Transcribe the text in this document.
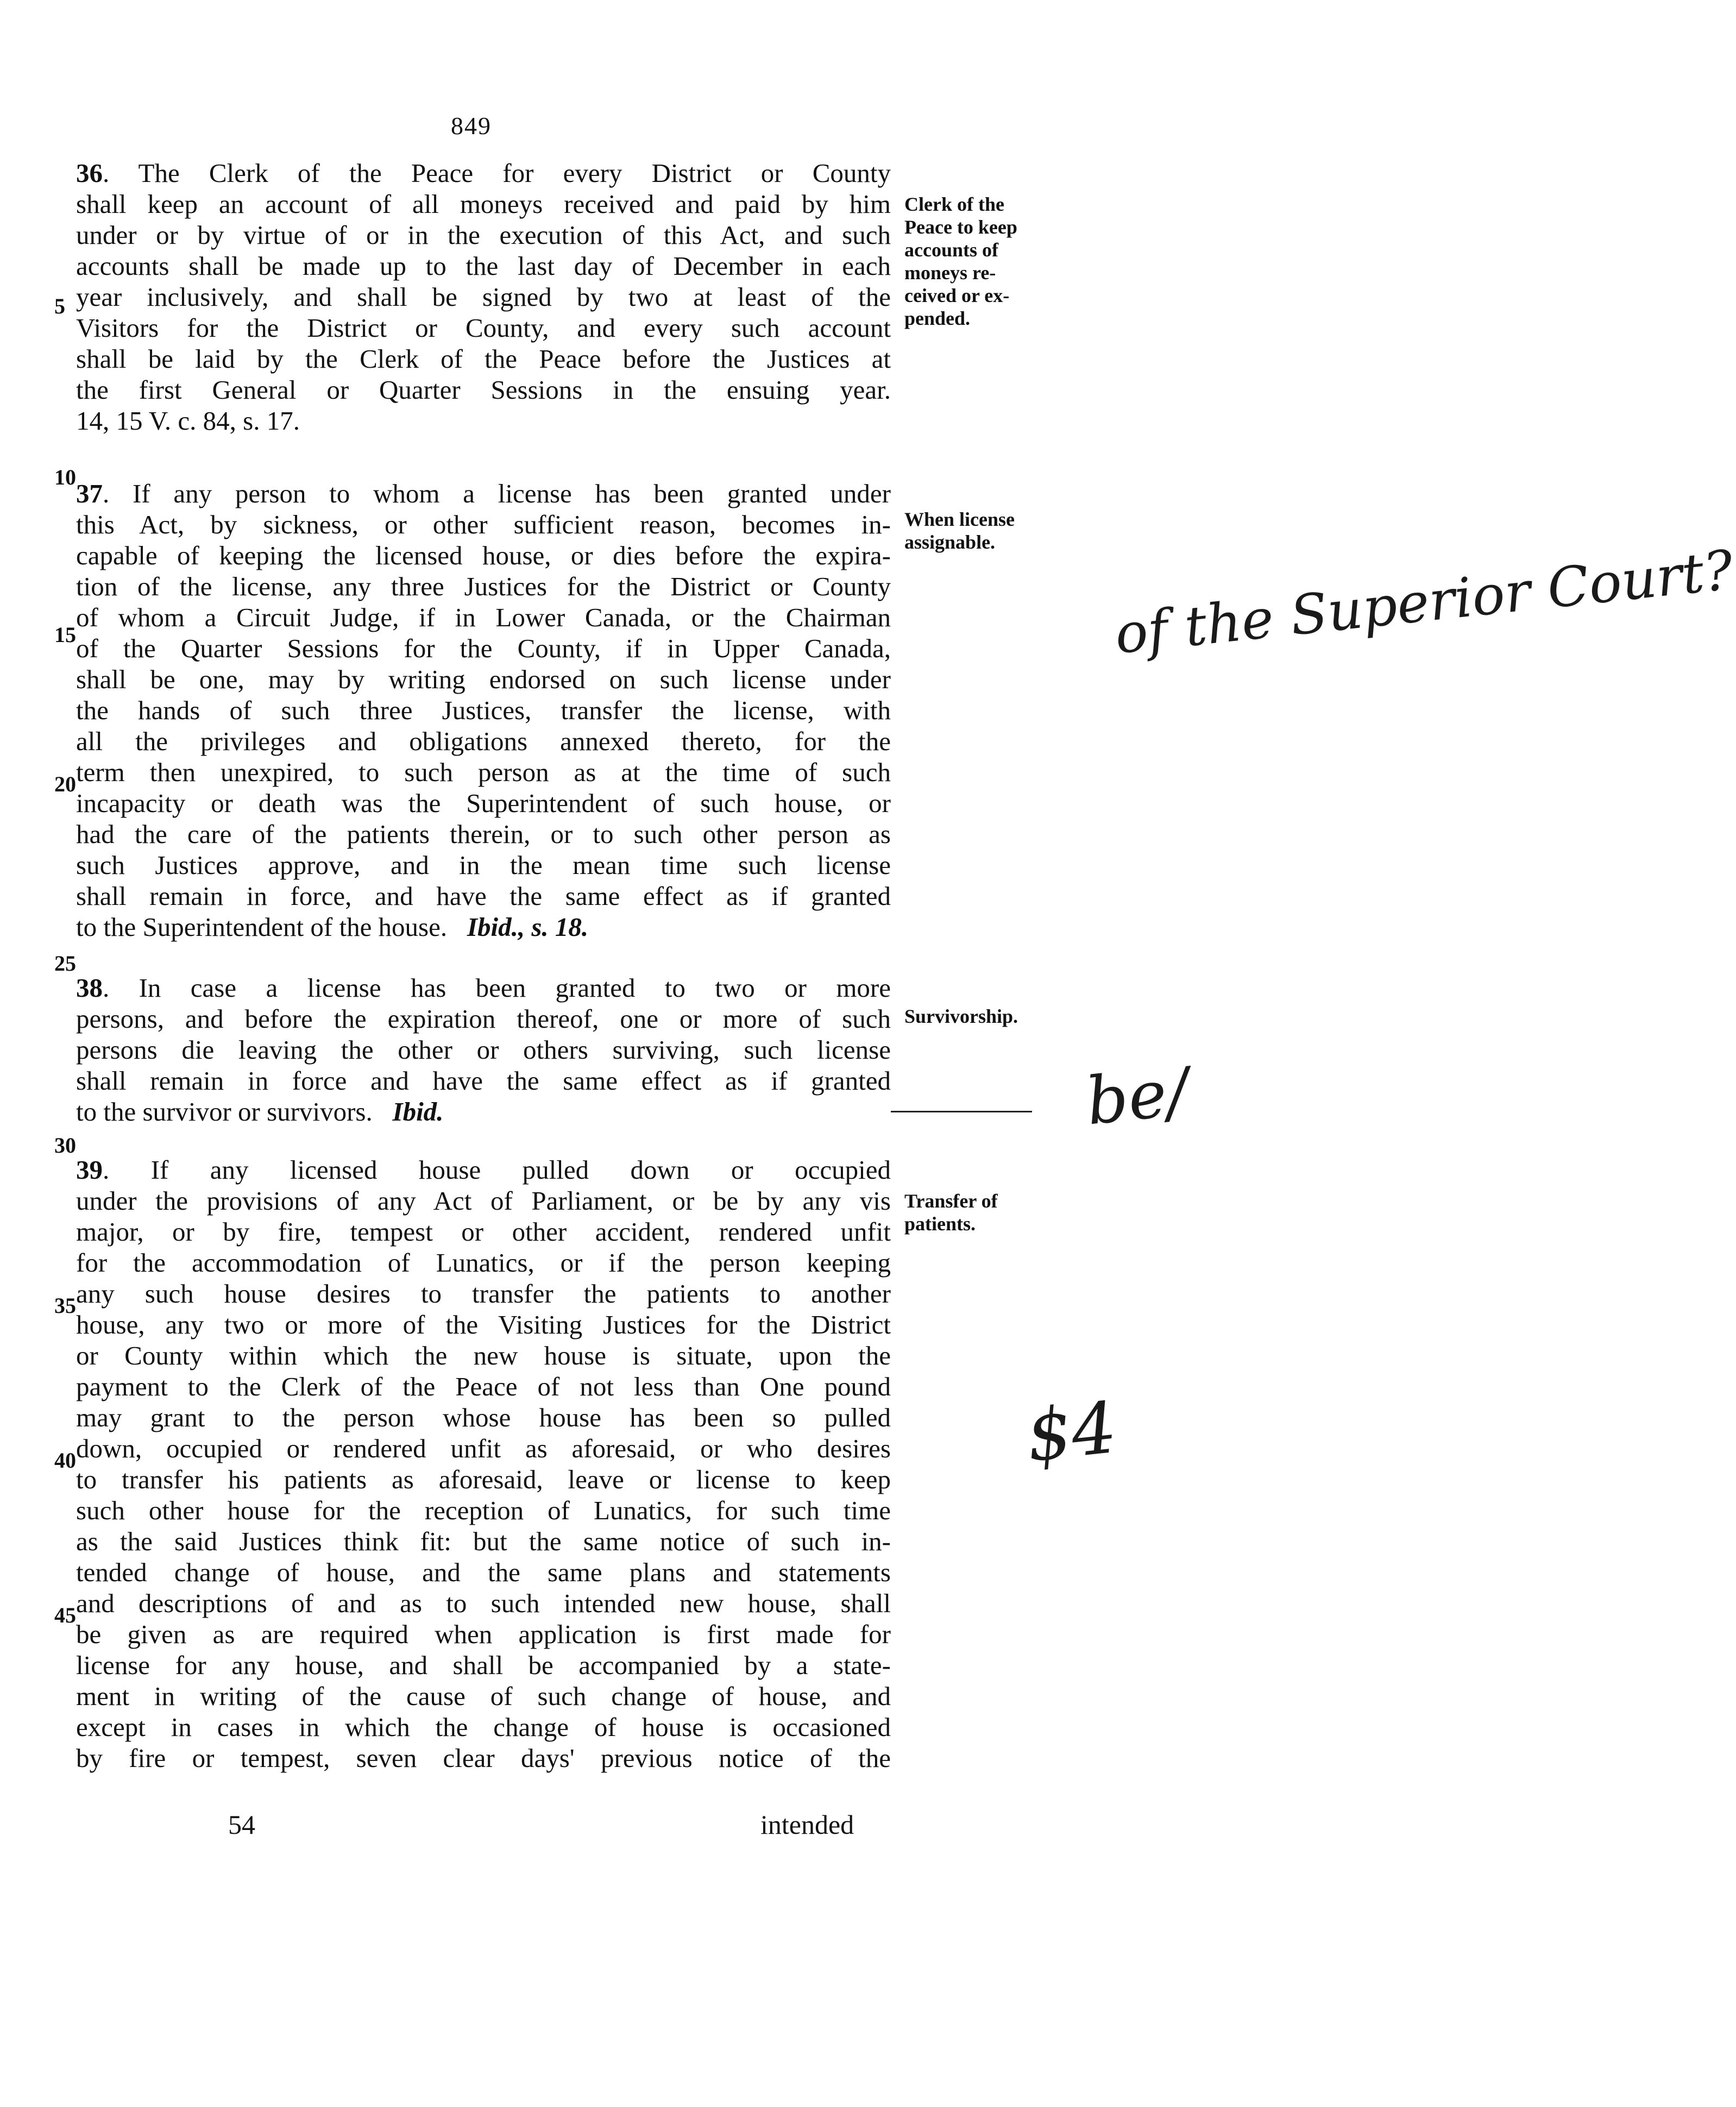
849
5
10
15
20
25
30
35
40
45
36. The Clerk of the Peace for every District or County
shall keep an account of all moneys received and paid by him
under or by virtue of or in the execution of this Act, and such
accounts shall be made up to the last day of December in each
year inclusively, and shall be signed by two at least of the
Visitors for the District or County, and every such account
shall be laid by the Clerk of the Peace before the Justices at
the first General or Quarter Sessions in the ensuing year.
14, 15 V. c. 84, s. 17.
Clerk of the
Peace to keep
accounts of
moneys re-
ceived or ex-
pended.
37. If any person to whom a license has been granted under
this Act, by sickness, or other sufficient reason, becomes in-
capable of keeping the licensed house, or dies before the expira-
tion of the license, any three Justices for the District or County
of whom a Circuit Judge, if in Lower Canada, or the Chairman
of the Quarter Sessions for the County, if in Upper Canada,
shall be one, may by writing endorsed on such license under
the hands of such three Justices, transfer the license, with
all the privileges and obligations annexed thereto, for the
term then unexpired, to such person as at the time of such
incapacity or death was the Superintendent of such house, or
had the care of the patients therein, or to such other person as
such Justices approve, and in the mean time such license
shall remain in force, and have the same effect as if granted
to the Superintendent of the house. Ibid., s. 18.
When license
assignable.
38. In case a license has been granted to two or more
persons, and before the expiration thereof, one or more of such
persons die leaving the other or others surviving, such license
shall remain in force and have the same effect as if granted
to the survivor or survivors. Ibid.
Survivorship.
39. If any licensed house pulled down or occupied
under the provisions of any Act of Parliament, or be by any vis
major, or by fire, tempest or other accident, rendered unfit
for the accommodation of Lunatics, or if the person keeping
any such house desires to transfer the patients to another
house, any two or more of the Visiting Justices for the District
or County within which the new house is situate, upon the
payment to the Clerk of the Peace of not less than One pound
may grant to the person whose house has been so pulled
down, occupied or rendered unfit as aforesaid, or who desires
to transfer his patients as aforesaid, leave or license to keep
such other house for the reception of Lunatics, for such time
as the said Justices think fit: but the same notice of such in-
tended change of house, and the same plans and statements
and descriptions of and as to such intended new house, shall
be given as are required when application is first made for
license for any house, and shall be accompanied by a state-
ment in writing of the cause of such change of house, and
except in cases in which the change of house is occasioned
by fire or tempest, seven clear days' previous notice of the
Transfer of
patients.
of the Superior Court?
be/
$4
54	intended
